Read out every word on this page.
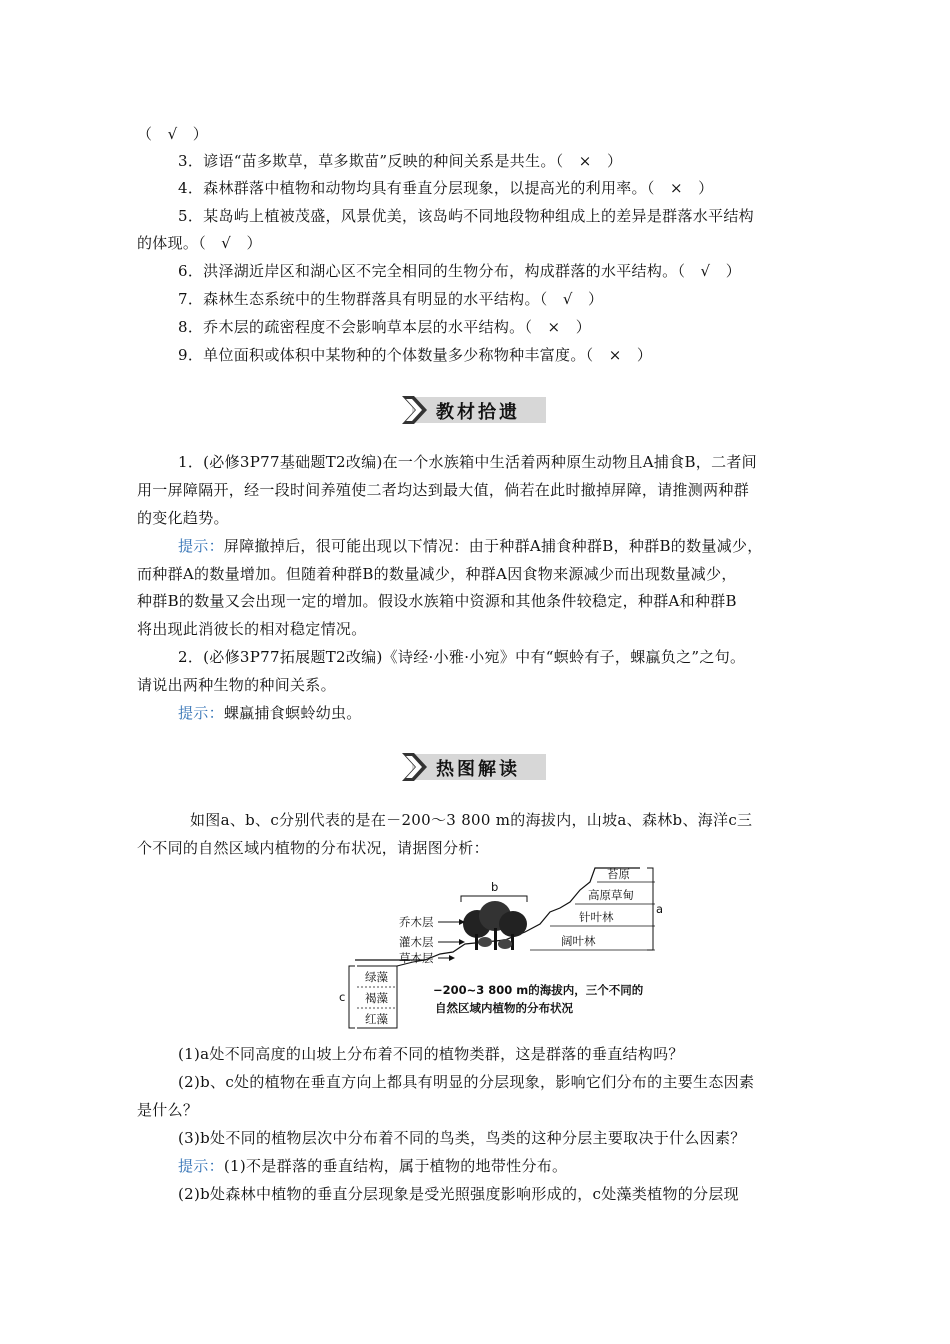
（　√　）
3．谚语“苗多欺草，草多欺苗”反映的种间关系是共生。（　×　）
4．森林群落中植物和动物均具有垂直分层现象，以提高光的利用率。（　×　）
5．某岛屿上植被茂盛，风景优美，该岛屿不同地段物种组成上的差异是群落水平结构
的体现。（　√　）
6．洪泽湖近岸区和湖心区不完全相同的生物分布，构成群落的水平结构。（　√　）
7．森林生态系统中的生物群落具有明显的水平结构。（　√　）
8．乔木层的疏密程度不会影响草本层的水平结构。（　×　）
9．单位面积或体积中某物种的个体数量多少称物种丰富度。（　×　）
教材拾遗
1．(必修3P77基础题T2改编)在一个水族箱中生活着两种原生动物且A捕食B，二者间
用一屏障隔开，经一段时间养殖使二者均达到最大值，倘若在此时撤掉屏障，请推测两种群
的变化趋势。
提示：屏障撤掉后，很可能出现以下情况：由于种群A捕食种群B，种群B的数量减少，
而种群A的数量增加。但随着种群B的数量减少，种群A因食物来源减少而出现数量减少，
种群B的数量又会出现一定的增加。假设水族箱中资源和其他条件较稳定，种群A和种群B
将出现此消彼长的相对稳定情况。
2．(必修3P77拓展题T2改编)《诗经·小雅·小宛》中有“螟蛉有子，蜾蠃负之”之句。
请说出两种生物的种间关系。
提示：蜾蠃捕食螟蛉幼虫。
热图解读
如图a、b、c分别代表的是在－200～3 800 m的海拔内，山坡a、森林b、海洋c三
个不同的自然区域内植物的分布状况，请据图分析：
a
苔原
高原草甸
针叶林
阔叶林
b
乔木层
灌木层
草本层
c
绿藻
褐藻
红藻
−200~3 800 m的海拔内，三个不同的
自然区域内植物的分布状况
(1)a处不同高度的山坡上分布着不同的植物类群，这是群落的垂直结构吗？
(2)b、c处的植物在垂直方向上都具有明显的分层现象，影响它们分布的主要生态因素
是什么？
(3)b处不同的植物层次中分布着不同的鸟类，鸟类的这种分层主要取决于什么因素？
提示：(1)不是群落的垂直结构，属于植物的地带性分布。
(2)b处森林中植物的垂直分层现象是受光照强度影响形成的，c处藻类植物的分层现
